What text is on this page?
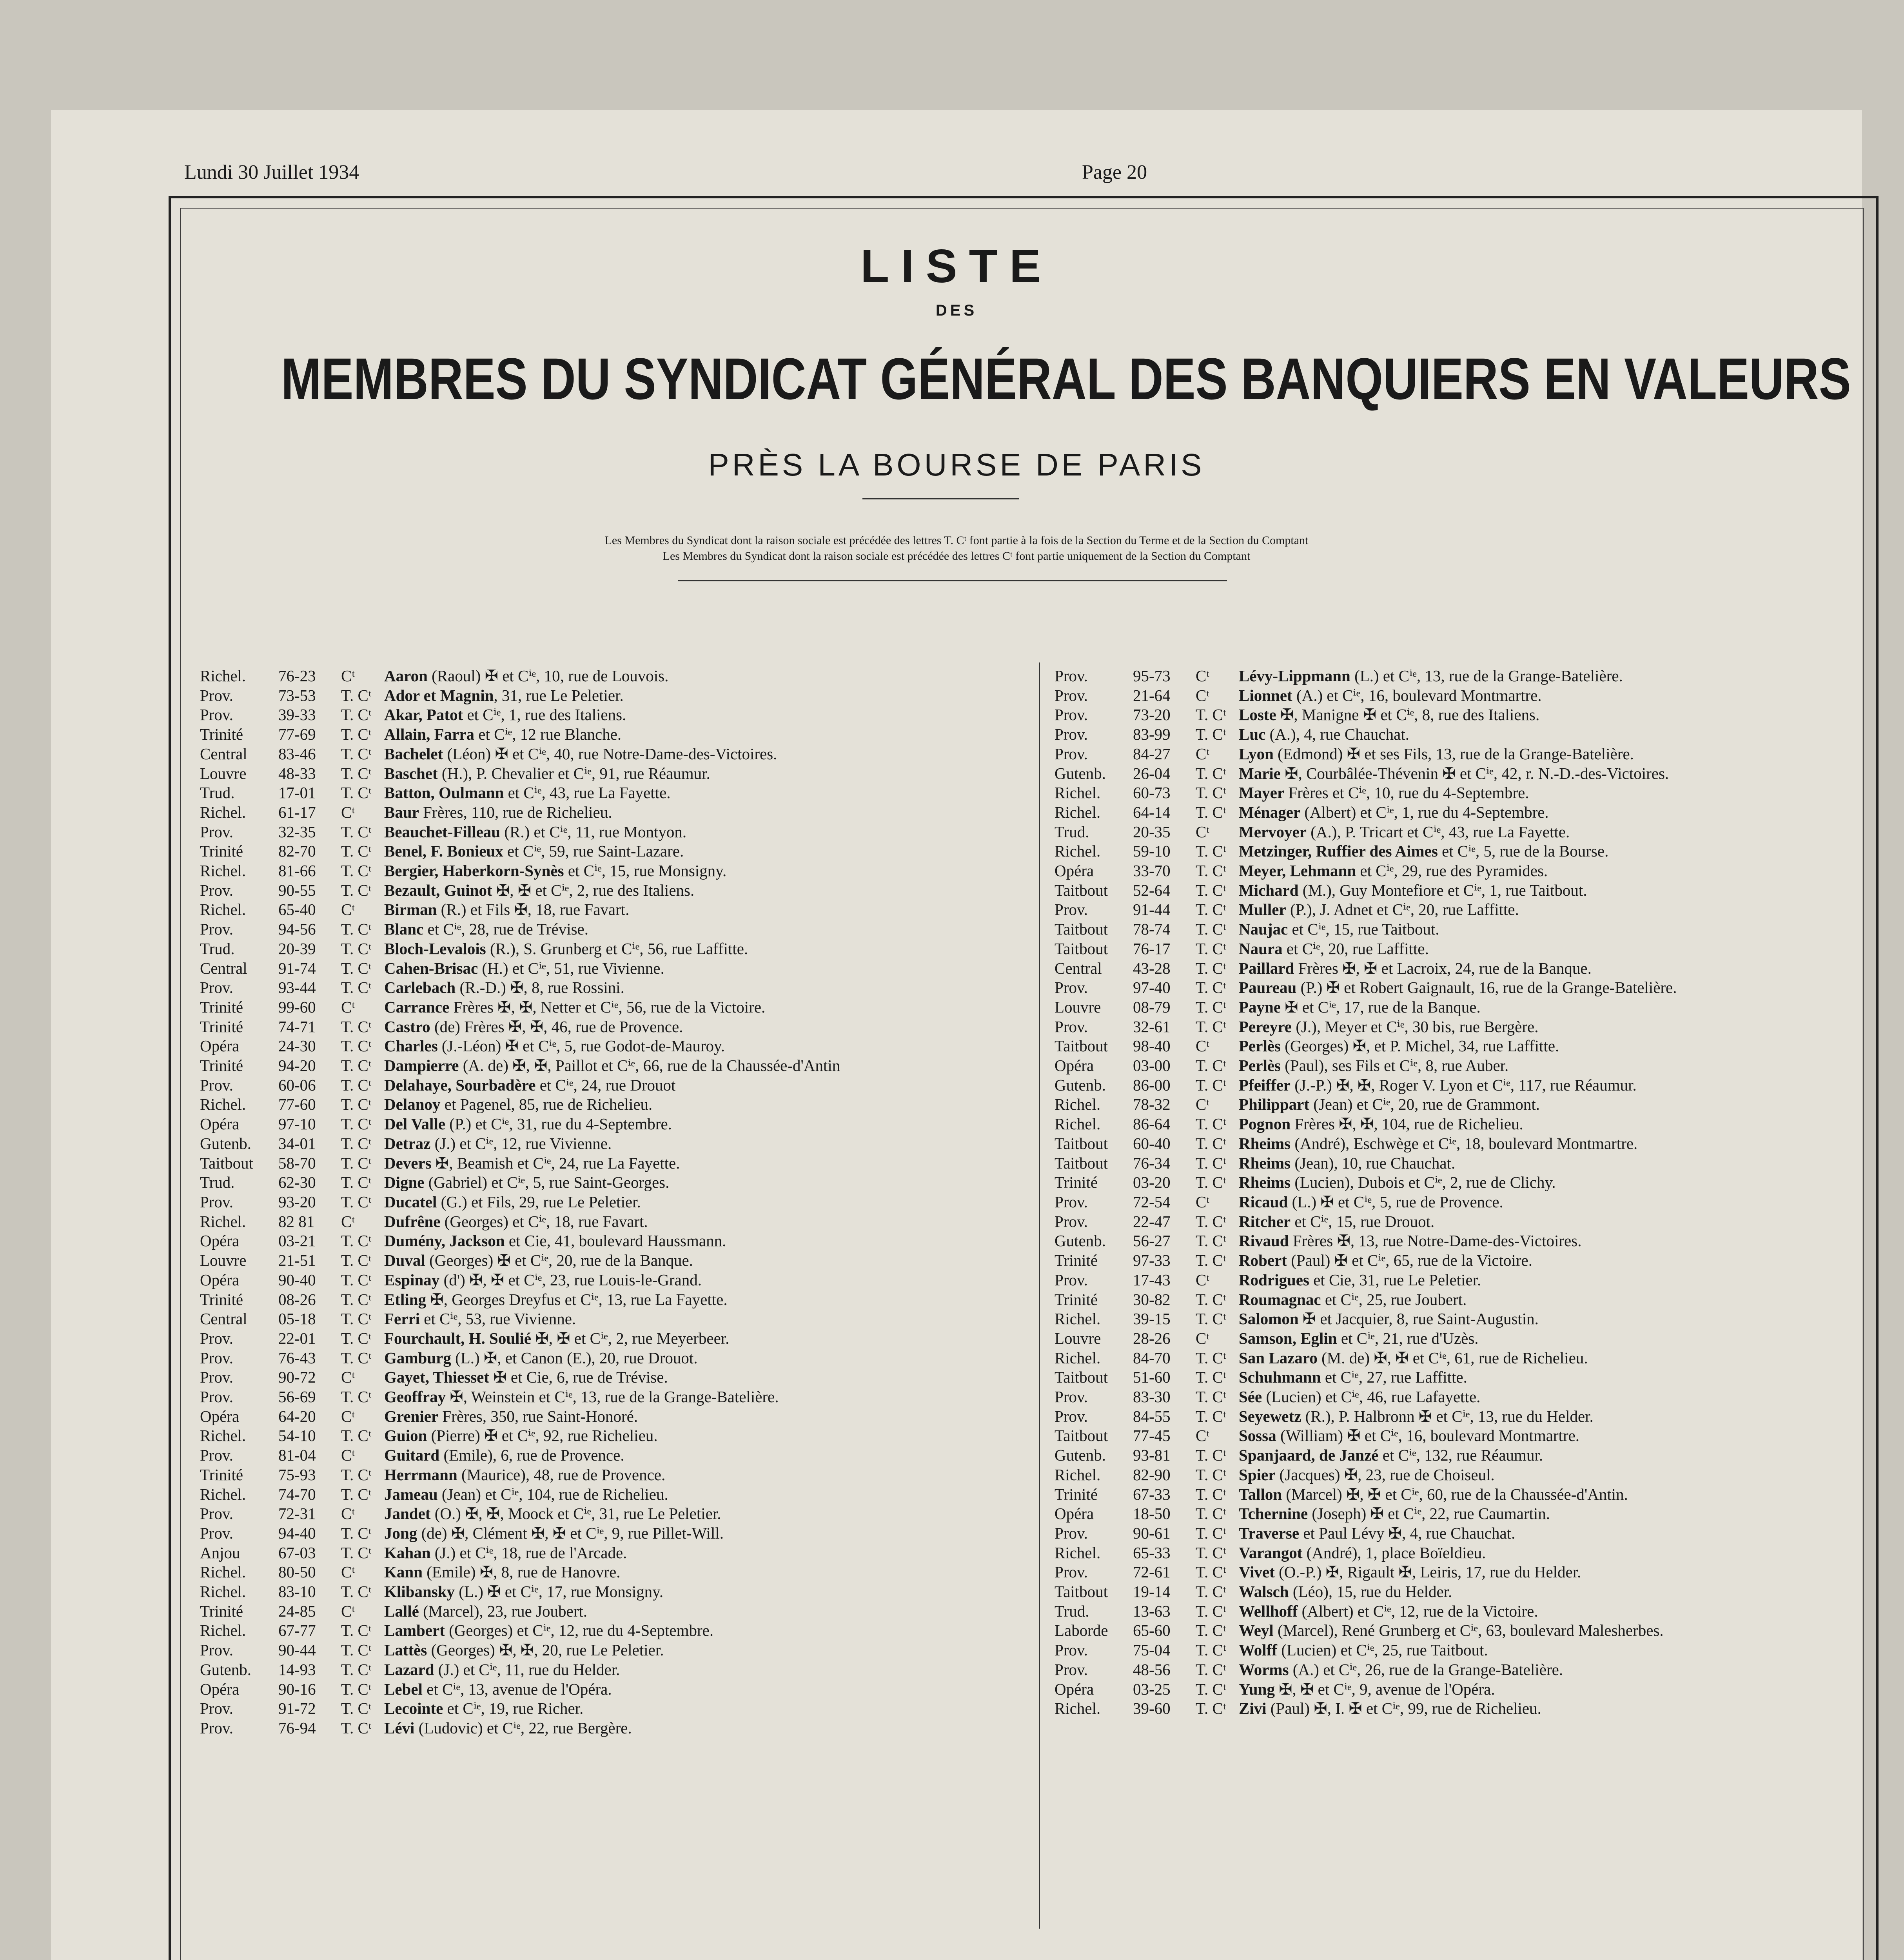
Lundi 30 Juillet 1934	Page 20
LISTE
DES
MEMBRES DU SYNDICAT GÉNÉRAL DES BANQUIERS EN VALEURS
PRÈS LA BOURSE DE PARIS
Les Membres du Syndicat dont la raison sociale est précédée des lettres T. Cᵗ font partie à la fois de la Section du Terme et de la Section du Comptant
Les Membres du Syndicat dont la raison sociale est précédée des lettres Cᵗ font partie uniquement de la Section du Comptant
Richel.	76-23	Cᵗ	Aaron (Raoul) ✠ et Cⁱᵉ, 10, rue de Louvois.
Prov.	73-53	T. Cᵗ Ador et Magnin, 31, rue Le Peletier.
Prov.	39-33	T. Cᵗ Akar, Patot et Cⁱᵉ, 1, rue des Italiens.
Trinité	77-69	T. Cᵗ Allain, Farra et Cⁱᵉ, 12 rue Blanche.
Central	83-46	T. Cᵗ Bachelet (Léon) ✠ et Cⁱᵉ, 40, rue Notre-Dame-des-Victoires.
Louvre	48-33	T. Cᵗ Baschet (H.), P. Chevalier et Cⁱᵉ, 91, rue Réaumur.
Trud.	17-01	T. Cᵗ Batton, Oulmann et Cⁱᵉ, 43, rue La Fayette.
Richel.	61-17	Cᵗ	Baur Frères, 110, rue de Richelieu.
Prov.	32-35	T. Cᵗ Beauchet-Filleau (R.) et Cⁱᵉ, 11, rue Montyon.
Trinité	82-70	T. Cᵗ Benel, F. Bonieux et Cⁱᵉ, 59, rue Saint-Lazare.
Richel.	81-66	T. Cᵗ Bergier, Haberkorn-Synès et Cⁱᵉ, 15, rue Monsigny.
Prov.	90-55	T. Cᵗ Bezault, Guinot ✠, ✠ et Cⁱᵉ, 2, rue des Italiens.
Richel.	65-40	Cᵗ	Birman (R.) et Fils ✠, 18, rue Favart.
Prov.	94-56	T. Cᵗ Blanc et Cⁱᵉ, 28, rue de Trévise.
Trud.	20-39	T. Cᵗ Bloch-Levalois (R.), S. Grunberg et Cⁱᵉ, 56, rue Laffitte.
Central	91-74	T. Cᵗ Cahen-Brisac (H.) et Cⁱᵉ, 51, rue Vivienne.
Prov.	93-44	T. Cᵗ Carlebach (R.-D.) ✠, 8, rue Rossini.
Trinité	99-60	Cᵗ	Carrance Frères ✠, ✠, Netter et Cⁱᵉ, 56, rue de la Victoire.
Trinité	74-71	T. Cᵗ Castro (de) Frères ✠, ✠, 46, rue de Provence.
Opéra	24-30	T. Cᵗ Charles (J.-Léon) ✠ et Cⁱᵉ, 5, rue Godot-de-Mauroy.
Trinité	94-20	T. Cᵗ Dampierre (A. de) ✠, ✠, Paillot et Cⁱᵉ, 66, rue de la Chaussée-d'Antin
Prov.	60-06	T. Cᵗ Delahaye, Sourbadère et Cⁱᵉ, 24, rue Drouot
Richel.	77-60	T. Cᵗ Delanoy et Pagenel, 85, rue de Richelieu.
Opéra	97-10	T. Cᵗ Del Valle (P.) et Cⁱᵉ, 31, rue du 4-Septembre.
Gutenb.	34-01	T. Cᵗ Detraz (J.) et Cⁱᵉ, 12, rue Vivienne.
Taitbout	58-70	T. Cᵗ Devers ✠, Beamish et Cⁱᵉ, 24, rue La Fayette.
Trud.	62-30	T. Cᵗ Digne (Gabriel) et Cⁱᵉ, 5, rue Saint-Georges.
Prov.	93-20	T. Cᵗ Ducatel (G.) et Fils, 29, rue Le Peletier.
Richel.	82 81	Cᵗ	Dufrêne (Georges) et Cⁱᵉ, 18, rue Favart.
Opéra	03-21	T. Cᵗ Dumény, Jackson et Cie, 41, boulevard Haussmann.
Louvre	21-51	T. Cᵗ Duval (Georges) ✠ et Cⁱᵉ, 20, rue de la Banque.
Opéra	90-40	T. Cᵗ Espinay (d') ✠, ✠ et Cⁱᵉ, 23, rue Louis-le-Grand.
Trinité	08-26	T. Cᵗ Etling ✠, Georges Dreyfus et Cⁱᵉ, 13, rue La Fayette.
Central	05-18	T. Cᵗ Ferri et Cⁱᵉ, 53, rue Vivienne.
Prov.	22-01	T. Cᵗ Fourchault, H. Soulié ✠, ✠ et Cⁱᵉ, 2, rue Meyerbeer.
Prov.	76-43	T. Cᵗ Gamburg (L.) ✠, et Canon (E.), 20, rue Drouot.
Prov.	90-72	Cᵗ	Gayet, Thiesset ✠ et Cie, 6, rue de Trévise.
Prov.	56-69	T. Cᵗ Geoffray ✠, Weinstein et Cⁱᵉ, 13, rue de la Grange-Batelière.
Opéra	64-20	Cᵗ	Grenier Frères, 350, rue Saint-Honoré.
Richel.	54-10	T. Cᵗ Guion (Pierre) ✠ et Cⁱᵉ, 92, rue Richelieu.
Prov.	81-04	Cᵗ	Guitard (Emile), 6, rue de Provence.
Trinité	75-93	T. Cᵗ Herrmann (Maurice), 48, rue de Provence.
Richel.	74-70	T. Cᵗ Jameau (Jean) et Cⁱᵉ, 104, rue de Richelieu.
Prov.	72-31	Cᵗ	Jandet (O.) ✠, ✠, Moock et Cⁱᵉ, 31, rue Le Peletier.
Prov.	94-40	T. Cᵗ Jong (de) ✠, Clément ✠, ✠ et Cⁱᵉ, 9, rue Pillet-Will.
Anjou	67-03	T. Cᵗ Kahan (J.) et Cⁱᵉ, 18, rue de l'Arcade.
Richel.	80-50	Cᵗ	Kann (Emile) ✠, 8, rue de Hanovre.
Richel.	83-10	T. Cᵗ Klibansky (L.) ✠ et Cⁱᵉ, 17, rue Monsigny.
Trinité	24-85	Cᵗ	Lallé (Marcel), 23, rue Joubert.
Richel.	67-77	T. Cᵗ Lambert (Georges) et Cⁱᵉ, 12, rue du 4-Septembre.
Prov.	90-44	T. Cᵗ Lattès (Georges) ✠, ✠, 20, rue Le Peletier.
Gutenb.	14-93	T. Cᵗ Lazard (J.) et Cⁱᵉ, 11, rue du Helder.
Opéra	90-16	T. Cᵗ Lebel et Cⁱᵉ, 13, avenue de l'Opéra.
Prov.	91-72	T. Cᵗ Lecointe et Cⁱᵉ, 19, rue Richer.
Prov.	76-94	T. Cᵗ Lévi (Ludovic) et Cⁱᵉ, 22, rue Bergère.
Prov.	95-73	Cᵗ	Lévy-Lippmann (L.) et Cⁱᵉ, 13, rue de la Grange-Batelière.
Prov.	21-64	Cᵗ	Lionnet (A.) et Cⁱᵉ, 16, boulevard Montmartre.
Prov.	73-20	T. Cᵗ Loste ✠, Manigne ✠ et Cⁱᵉ, 8, rue des Italiens.
Prov.	83-99	T. Cᵗ Luc (A.), 4, rue Chauchat.
Prov.	84-27	Cᵗ	Lyon (Edmond) ✠ et ses Fils, 13, rue de la Grange-Batelière.
Gutenb.	26-04	T. Cᵗ Marie ✠, Courbâlée-Thévenin ✠ et Cⁱᵉ, 42, r. N.-D.-des-Victoires.
Richel.	60-73	T. Cᵗ Mayer Frères et Cⁱᵉ, 10, rue du 4-Septembre.
Richel.	64-14	T. Cᵗ Ménager (Albert) et Cⁱᵉ, 1, rue du 4-Septembre.
Trud.	20-35	Cᵗ	Mervoyer (A.), P. Tricart et Cⁱᵉ, 43, rue La Fayette.
Richel.	59-10	T. Cᵗ Metzinger, Ruffier des Aimes et Cⁱᵉ, 5, rue de la Bourse.
Opéra	33-70	T. Cᵗ Meyer, Lehmann et Cⁱᵉ, 29, rue des Pyramides.
Taitbout	52-64	T. Cᵗ Michard (M.), Guy Montefiore et Cⁱᵉ, 1, rue Taitbout.
Prov.	91-44	T. Cᵗ Muller (P.), J. Adnet et Cⁱᵉ, 20, rue Laffitte.
Taitbout	78-74	T. Cᵗ Naujac et Cⁱᵉ, 15, rue Taitbout.
Taitbout	76-17	T. Cᵗ Naura et Cⁱᵉ, 20, rue Laffitte.
Central	43-28	T. Cᵗ Paillard Frères ✠, ✠ et Lacroix, 24, rue de la Banque.
Prov.	97-40	T. Cᵗ Paureau (P.) ✠ et Robert Gaignault, 16, rue de la Grange-Batelière.
Louvre	08-79	T. Cᵗ Payne ✠ et Cⁱᵉ, 17, rue de la Banque.
Prov.	32-61	T. Cᵗ Pereyre (J.), Meyer et Cⁱᵉ, 30 bis, rue Bergère.
Taitbout	98-40	Cᵗ	Perlès (Georges) ✠, et P. Michel, 34, rue Laffitte.
Opéra	03-00	T. Cᵗ Perlès (Paul), ses Fils et Cⁱᵉ, 8, rue Auber.
Gutenb.	86-00	T. Cᵗ Pfeiffer (J.-P.) ✠, ✠, Roger V. Lyon et Cⁱᵉ, 117, rue Réaumur.
Richel.	78-32	Cᵗ	Philippart (Jean) et Cⁱᵉ, 20, rue de Grammont.
Richel.	86-64	T. Cᵗ Pognon Frères ✠, ✠, 104, rue de Richelieu.
Taitbout	60-40	T. Cᵗ Rheims (André), Eschwège et Cⁱᵉ, 18, boulevard Montmartre.
Taitbout	76-34	T. Cᵗ Rheims (Jean), 10, rue Chauchat.
Trinité	03-20	T. Cᵗ Rheims (Lucien), Dubois et Cⁱᵉ, 2, rue de Clichy.
Prov.	72-54	Cᵗ	Ricaud (L.) ✠ et Cⁱᵉ, 5, rue de Provence.
Prov.	22-47	T. Cᵗ Ritcher et Cⁱᵉ, 15, rue Drouot.
Gutenb.	56-27	T. Cᵗ Rivaud Frères ✠, 13, rue Notre-Dame-des-Victoires.
Trinité	97-33	T. Cᵗ Robert (Paul) ✠ et Cⁱᵉ, 65, rue de la Victoire.
Prov.	17-43	Cᵗ	Rodrigues et Cie, 31, rue Le Peletier.
Trinité	30-82	T. Cᵗ Roumagnac et Cⁱᵉ, 25, rue Joubert.
Richel.	39-15	T. Cᵗ Salomon ✠ et Jacquier, 8, rue Saint-Augustin.
Louvre	28-26	Cᵗ	Samson, Eglin et Cⁱᵉ, 21, rue d'Uzès.
Richel.	84-70	T. Cᵗ San Lazaro (M. de) ✠, ✠ et Cⁱᵉ, 61, rue de Richelieu.
Taitbout	51-60	T. Cᵗ Schuhmann et Cⁱᵉ, 27, rue Laffitte.
Prov.	83-30	T. Cᵗ Sée (Lucien) et Cⁱᵉ, 46, rue Lafayette.
Prov.	84-55	T. Cᵗ Seyewetz (R.), P. Halbronn ✠ et Cⁱᵉ, 13, rue du Helder.
Taitbout	77-45	Cᵗ	Sossa (William) ✠ et Cⁱᵉ, 16, boulevard Montmartre.
Gutenb.	93-81	T. Cᵗ Spanjaard, de Janzé et Cⁱᵉ, 132, rue Réaumur.
Richel.	82-90	T. Cᵗ Spier (Jacques) ✠, 23, rue de Choiseul.
Trinité	67-33	T. Cᵗ Tallon (Marcel) ✠, ✠ et Cⁱᵉ, 60, rue de la Chaussée-d'Antin.
Opéra	18-50	T. Cᵗ Tchernine (Joseph) ✠ et Cⁱᵉ, 22, rue Caumartin.
Prov.	90-61	T. Cᵗ Traverse et Paul Lévy ✠, 4, rue Chauchat.
Richel.	65-33	T. Cᵗ Varangot (André), 1, place Boïeldieu.
Prov.	72-61	T. Cᵗ Vivet (O.-P.) ✠, Rigault ✠, Leiris, 17, rue du Helder.
Taitbout	19-14	T. Cᵗ Walsch (Léo), 15, rue du Helder.
Trud.	13-63	T. Cᵗ Wellhoff (Albert) et Cⁱᵉ, 12, rue de la Victoire.
Laborde	65-60	T. Cᵗ Weyl (Marcel), René Grunberg et Cⁱᵉ, 63, boulevard Malesherbes.
Prov.	75-04	T. Cᵗ Wolff (Lucien) et Cⁱᵉ, 25, rue Taitbout.
Prov.	48-56	T. Cᵗ Worms (A.) et Cⁱᵉ, 26, rue de la Grange-Batelière.
Opéra	03-25	T. Cᵗ Yung ✠, ✠ et Cⁱᵉ, 9, avenue de l'Opéra.
Richel.	39-60	T. Cᵗ Zivi (Paul) ✠, I. ✠ et Cⁱᵉ, 99, rue de Richelieu.
